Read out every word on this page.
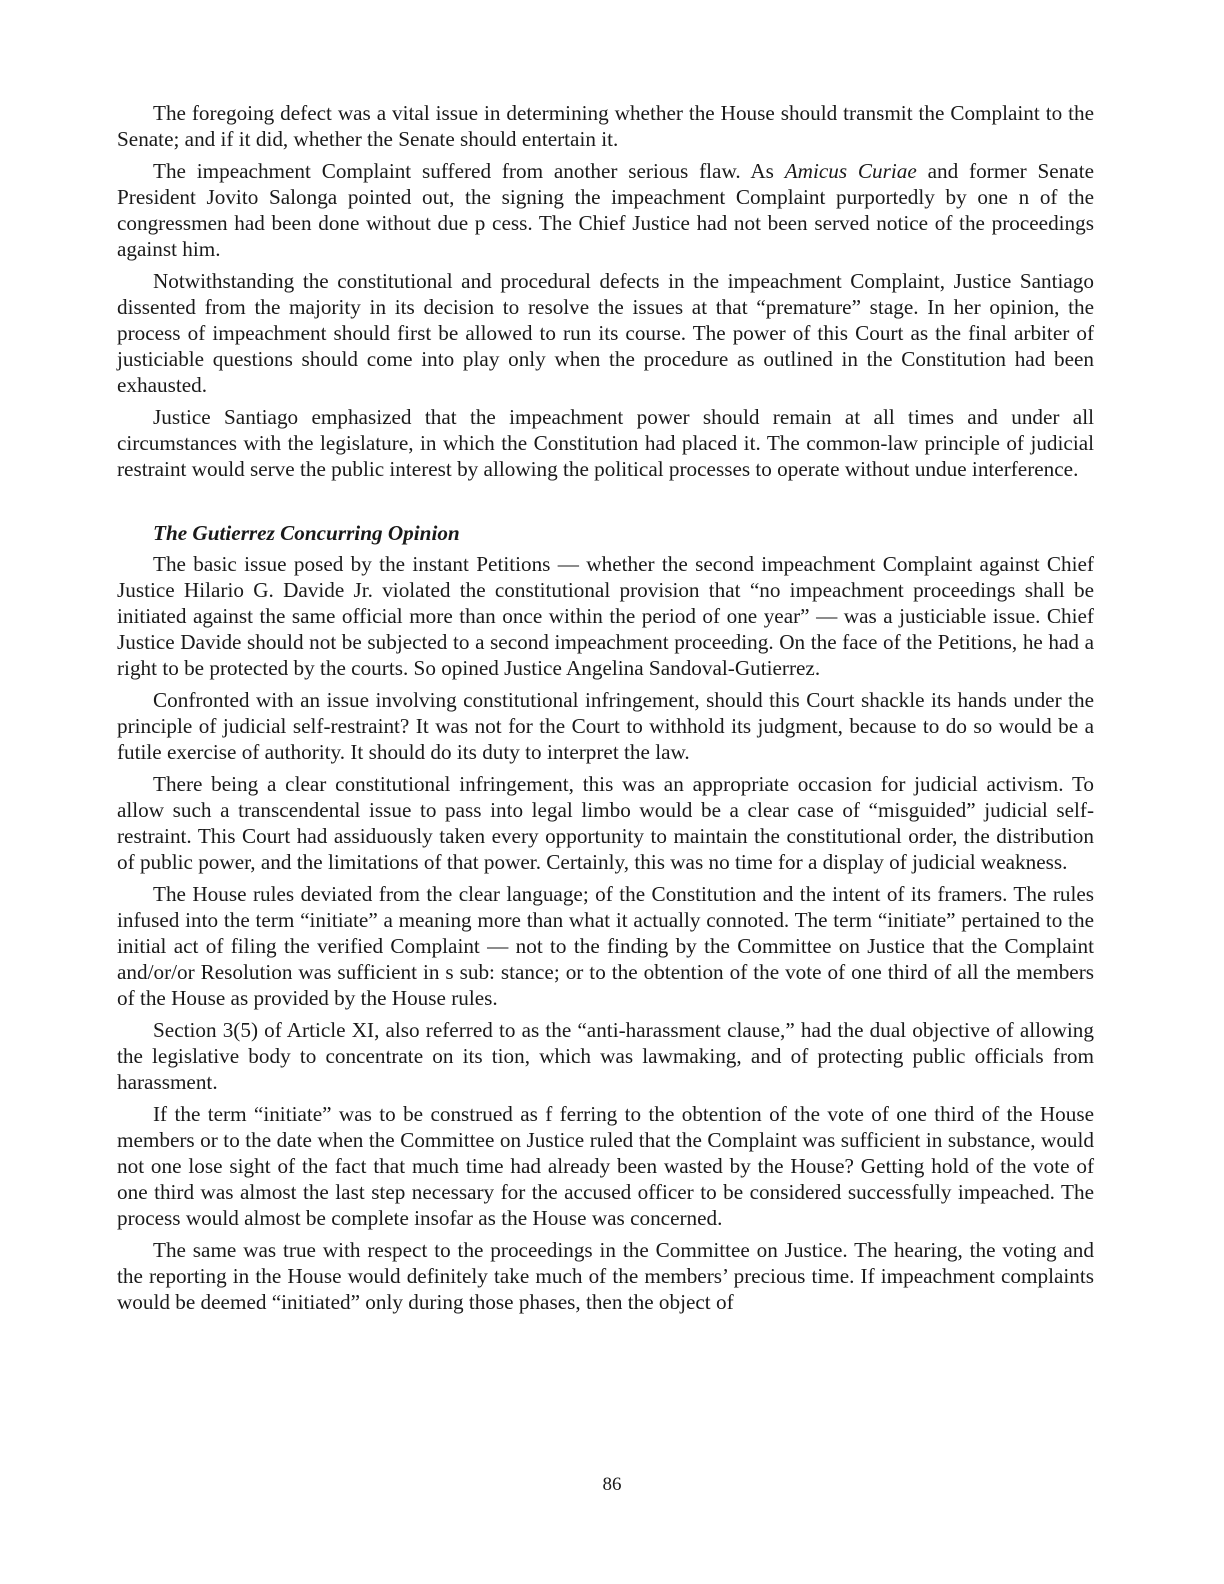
The foregoing defect was a vital issue in determining whether the House should transmit the Complaint to the Senate; and if it did, whether the Senate should entertain it.

The impeachment Complaint suffered from another serious flaw. As Amicus Curiae and former Senate President Jovito Salonga pointed out, the signing the impeachment Complaint purportedly by one n of the congressmen had been done without due p cess. The Chief Justice had not been served notice of the proceedings against him.

Notwithstanding the constitutional and procedural defects in the impeachment Complaint, Justice Santiago dissented from the majority in its decision to resolve the issues at that “premature” stage. In her opinion, the process of impeachment should first be allowed to run its course. The power of this Court as the final arbiter of justiciable questions should come into play only when the procedure as outlined in the Constitution had been exhausted.

Justice Santiago emphasized that the impeachment power should remain at all times and under all circumstances with the legislature, in which the Constitution had placed it. The common-law principle of judicial restraint would serve the public interest by allowing the political processes to operate without undue interference.

The Gutierrez Concurring Opinion

The basic issue posed by the instant Petitions — whether the second impeachment Complaint against Chief Justice Hilario G. Davide Jr. violated the constitutional provision that “no impeachment proceedings shall be initiated against the same official more than once within the period of one year” — was a justiciable issue. Chief Justice Davide should not be subjected to a second impeachment proceeding. On the face of the Petitions, he had a right to be protected by the courts. So opined Justice Angelina Sandoval-Gutierrez.

Confronted with an issue involving constitutional infringement, should this Court shackle its hands under the principle of judicial self-restraint? It was not for the Court to withhold its judgment, because to do so would be a futile exercise of authority. It should do its duty to interpret the law.

There being a clear constitutional infringement, this was an appropriate occasion for judicial activism. To allow such a transcendental issue to pass into legal limbo would be a clear case of “misguided” judicial self-restraint. This Court had assiduously taken every opportunity to maintain the constitutional order, the distribution of public power, and the limitations of that power. Certainly, this was no time for a display of judicial weakness.

The House rules deviated from the clear language; of the Constitution and the intent of its framers. The rules infused into the term “initiate” a meaning more than what it actually connoted. The term “initiate” pertained to the initial act of filing the verified Complaint — not to the finding by the Committee on Justice that the Complaint and/or/or Resolution was sufficient in s sub: stance; or to the obtention of the vote of one third of all the members of the House as provided by the House rules.

Section 3(5) of Article XI, also referred to as the “anti-harassment clause,” had the dual objective of allowing the legislative body to concentrate on its tion, which was lawmaking, and of protecting public officials from harassment.

If the term “initiate” was to be construed as f ferring to the obtention of the vote of one third of the House members or to the date when the Committee on Justice ruled that the Complaint was sufficient in substance, would not one lose sight of the fact that much time had already been wasted by the House? Getting hold of the vote of one third was almost the last step necessary for the accused officer to be considered successfully impeached. The process would almost be complete insofar as the House was concerned.

The same was true with respect to the proceedings in the Committee on Justice. The hearing, the voting and the reporting in the House would definitely take much of the members’ precious time. If impeachment complaints would be deemed “initiated” only during those phases, then the object of

86
